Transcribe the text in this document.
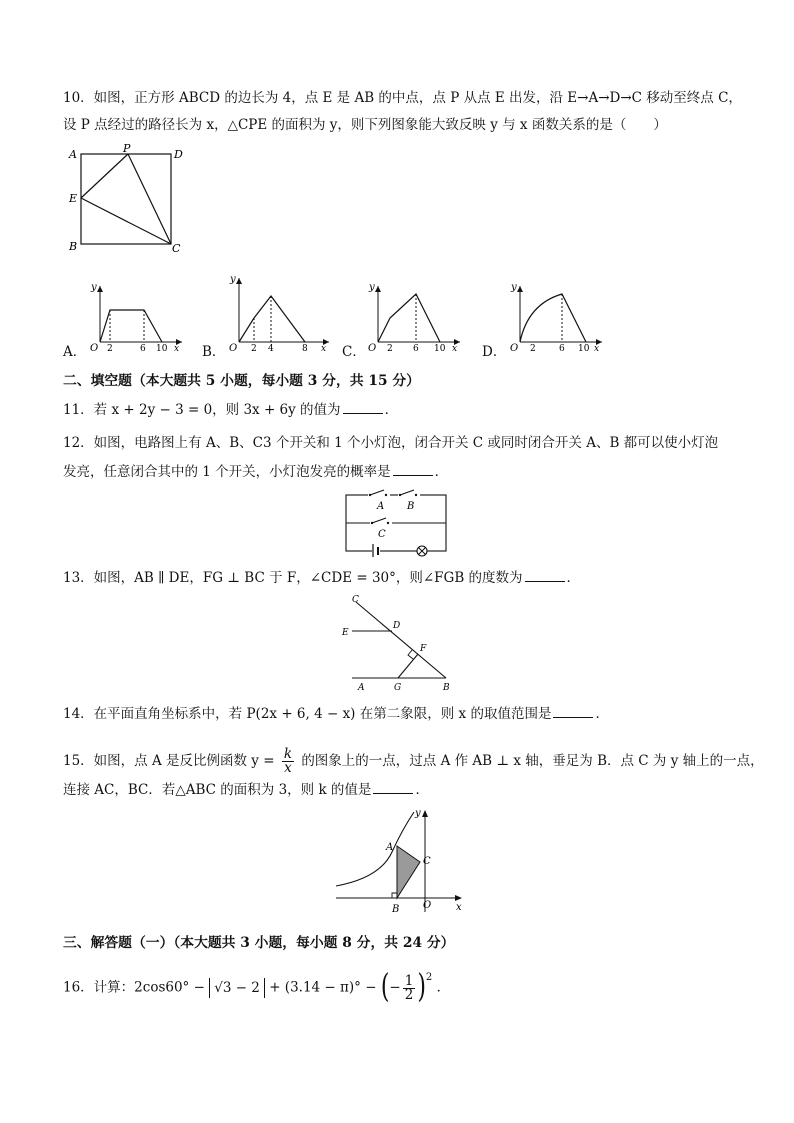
10．如图，正方形 ABCD 的边长为 4，点 E 是 AB 的中点，点 P 从点 E 出发，沿 E→A→D→C 移动至终点 C，
设 P 点经过的路径长为 x，△CPE 的面积为 y，则下列图象能大致反映 y 与 x 函数关系的是（　　）
A	P	D
E
B	C
A．
y
O 2	6 10 x B．
y
O 2 4	8 x C．
y
O 2 6 10 x D．
y
O 2	6 10 x
二、填空题（本大题共 5 小题，每小题 3 分，共 15 分）
11．若 x + 2y − 3 = 0，则 3x + 6y 的值为	．
12．如图，电路图上有 A、B、C3 个开关和 1 个小灯泡，闭合开关 C 或同时闭合开关 A、B 都可以使小灯泡
发亮，任意闭合其中的 1 个开关，小灯泡发亮的概率是	．
A B
C
13．如图，AB ∥ DE，FG ⊥ BC 于 F，∠CDE = 30°，则∠FGB 的度数为	．
C
E
D
F
A	G	B
14．在平面直角坐标系中，若 P(2x + 6, 4 − x) 在第二象限，则 x 的取值范围是	．
15．如图，点 A 是反比例函数 $y = \frac{k}{x}$ 的图象上的一点，过点 A 作 AB ⊥ x 轴，垂足为 B．点 C 为 y 轴上的一点，
连接 AC，BC．若△ABC 的面积为 3，则 k 的值是	．
y
A
C
B O x
三、解答题（一）（本大题共 3 小题，每小题 8 分，共 24 分）
16．计算：2cos60° − √3 − 2 + (3.14 − π)° − (− $\frac{1}{2} )^2$ ．
